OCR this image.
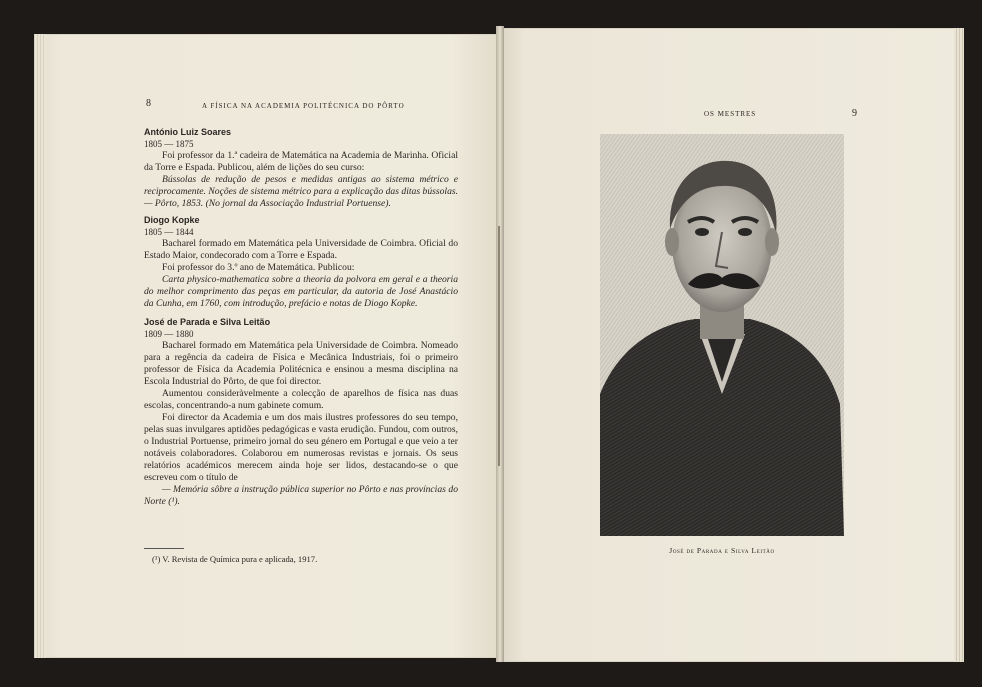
8	A FÍSICA NA ACADEMIA POLITÉCNICA DO PÔRTO

António Luiz Soares

1805 — 1875

Foi professor da 1.ª cadeira de Matemática na Academia de Marinha. Oficial da Torre e Espada. Publicou, além de lições do seu curso:

Bússolas de redução de pesos e medidas antigas ao sistema métrico e reciprocamente. Noções de sistema métrico para a explicação das ditas bússolas. — Pôrto, 1853. (No jornal da Associação Industrial Portuense).

Diogo Kopke

1805 — 1844

Bacharel formado em Matemática pela Universidade de Coimbra. Oficial do Estado Maior, condecorado com a Torre e Espada.

Foi professor do 3.º ano de Matemática. Publicou:

Carta physico-mathematica sobre a theoria da polvora em geral e a theoria do melhor comprimento das peças em particular, da autoria de José Anastácio da Cunha, em 1760, com introdução, prefácio e notas de Diogo Kopke.

José de Parada e Silva Leitão

1809 — 1880

Bacharel formado em Matemática pela Universidade de Coimbra. Nomeado para a regência da cadeira de Física e Mecânica Industriais, foi o primeiro professor de Física da Academia Politécnica e ensinou a mesma disciplina na Escola Industrial do Pôrto, de que foi director.

Aumentou consideràvelmente a colecção de aparelhos de física nas duas escolas, concentrando-a num gabinete comum.

Foi director da Academia e um dos mais ilustres professores do seu tempo, pelas suas invulgares aptidões pedagógicas e vasta erudição. Fundou, com outros, o Industrial Portuense, primeiro jornal do seu género em Portugal e que veio a ter notáveis colaboradores. Colaborou em numerosas revistas e jornais. Os seus relatórios académicos merecem ainda hoje ser lidos, destacando-se o que escreveu com o título de

— Memória sôbre a instrução pública superior no Pôrto e nas províncias do Norte (¹).

(¹) V. Revista de Química pura e aplicada, 1917.
OS MESTRES	9
José de Parada e Silva Leitão
